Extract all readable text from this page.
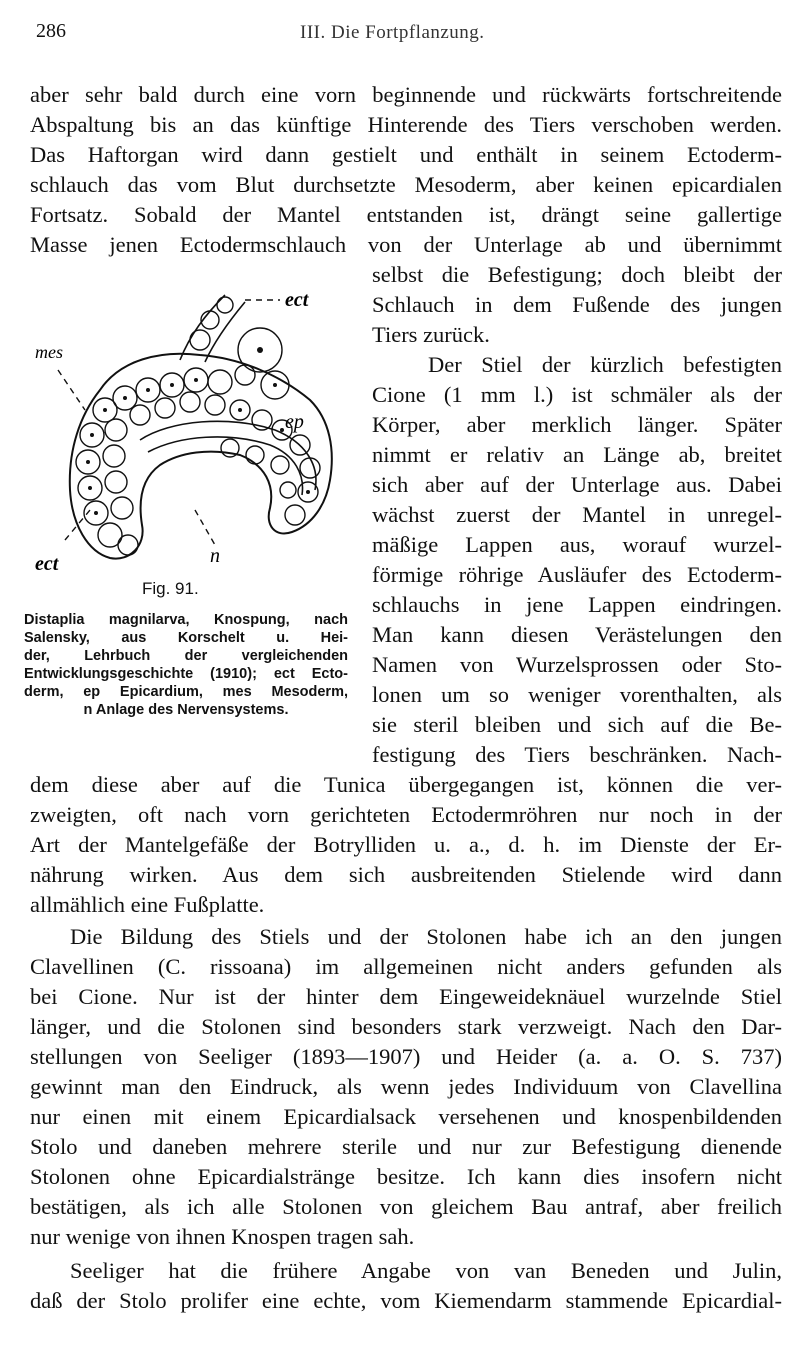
286	III. Die Fortpflanzung.
aber sehr bald durch eine vorn beginnende und rückwärts fortschreitende
Abspaltung bis an das künftige Hinterende des Tiers verschoben werden.
Das Haftorgan wird dann gestielt und enthält in seinem Ectoderm-
schlauch das vom Blut durchsetzte Mesoderm, aber keinen epicardialen
Fortsatz. Sobald der Mantel entstanden ist, drängt seine gallertige
Masse jenen Ectodermschlauch von der Unterlage ab und übernimmt
selbst die Befestigung; doch bleibt der
Schlauch in dem Fußende des jungen
Tiers zurück.
Der Stiel der kürzlich befestigten
Cione (1 mm l.) ist schmäler als der
Körper, aber merklich länger. Später
nimmt er relativ an Länge ab, breitet
sich aber auf der Unterlage aus. Dabei
wächst zuerst der Mantel in unregel-
mäßige Lappen aus, worauf wurzel-
förmige röhrige Ausläufer des Ectoderm-
schlauchs in jene Lappen eindringen.
Man kann diesen Verästelungen den
Namen von Wurzelsprossen oder Sto-
lonen um so weniger vorenthalten, als
sie steril bleiben und sich auf die Be-
festigung des Tiers beschränken. Nach-
ect
mes
ep
ect	n
Fig. 91.
Distaplia magnilarva, Knospung, nach
Salensky, aus Korschelt u. Hei-
der, Lehrbuch der vergleichenden
Entwicklungsgeschichte (1910); ect Ecto-
derm, ep Epicardium, mes Mesoderm,
n Anlage des Nervensystems.
dem diese aber auf die Tunica übergegangen ist, können die ver-
zweigten, oft nach vorn gerichteten Ectodermröhren nur noch in der
Art der Mantelgefäße der Botrylliden u. a., d. h. im Dienste der Er-
nährung wirken. Aus dem sich ausbreitenden Stielende wird dann
allmählich eine Fußplatte.
Die Bildung des Stiels und der Stolonen habe ich an den jungen
Clavellinen (C. rissoana) im allgemeinen nicht anders gefunden als
bei Cione. Nur ist der hinter dem Eingeweideknäuel wurzelnde Stiel
länger, und die Stolonen sind besonders stark verzweigt. Nach den Dar-
stellungen von Seeliger (1893—1907) und Heider (a. a. O. S. 737)
gewinnt man den Eindruck, als wenn jedes Individuum von Clavellina
nur einen mit einem Epicardialsack versehenen und knospenbildenden
Stolo und daneben mehrere sterile und nur zur Befestigung dienende
Stolonen ohne Epicardialstränge besitze. Ich kann dies insofern nicht
bestätigen, als ich alle Stolonen von gleichem Bau antraf, aber freilich
nur wenige von ihnen Knospen tragen sah.
Seeliger hat die frühere Angabe von van Beneden und Julin,
daß der Stolo prolifer eine echte, vom Kiemendarm stammende Epicardial-
